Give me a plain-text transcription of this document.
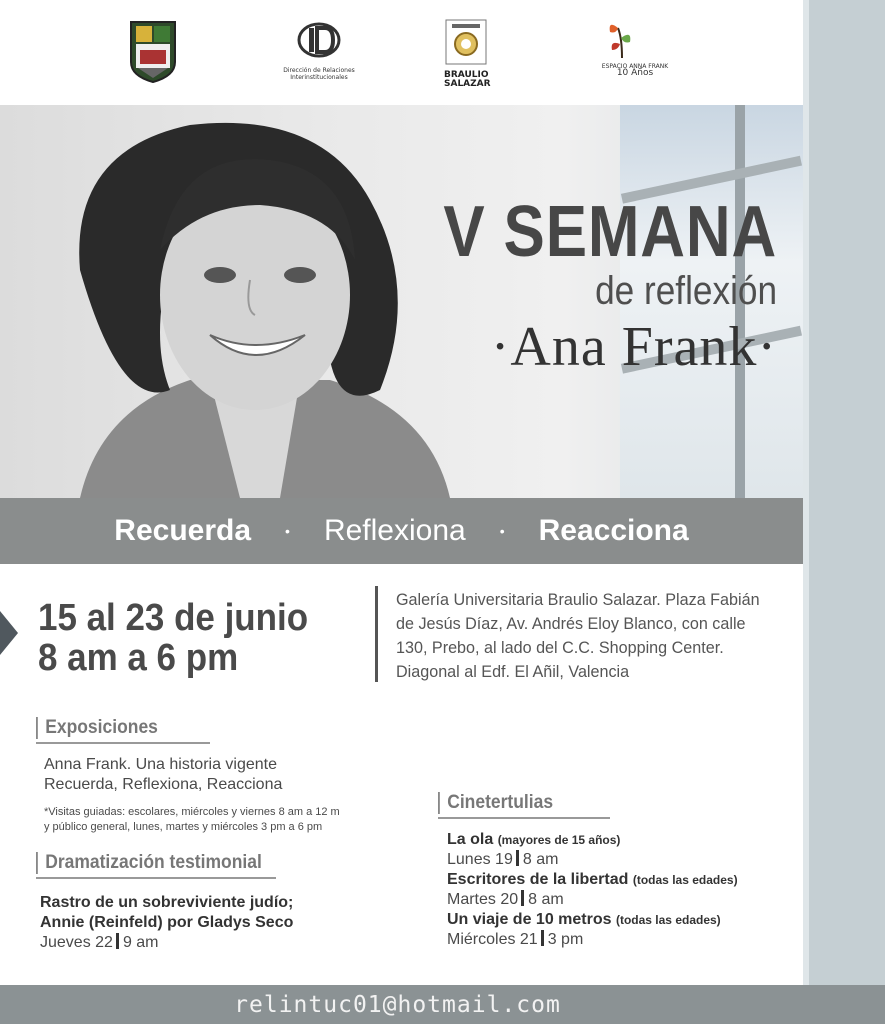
Dirección de Relaciones Interinstitucionales	BRAULIO SALAZAR
ESPACIO ANNA FRANK
10 Años
V SEMANA
de reflexión
·Ana Frank·
Recuerda • Reflexiona • Reacciona
15 al 23 de junio
8 am a 6 pm
Galería Universitaria Braulio Salazar. Plaza Fabián
de Jesús Díaz, Av. Andrés Eloy Blanco, con calle
130, Prebo, al lado del C.C. Shopping Center.
Diagonal al Edf. El Añil, Valencia
Exposiciones
Anna Frank. Una historia vigente
Recuerda, Reflexiona, Reacciona
*Visitas guiadas: escolares, miércoles y viernes 8 am a 12 m
y público general, lunes, martes y miércoles 3 pm a 6 pm
Dramatización testimonial
Rastro de un sobreviviente judío;
Annie (Reinfeld) por Gladys Seco
Jueves 22 9 am
Cinetertulias
La ola (mayores de 15 años)
Lunes 19 8 am
Escritores de la libertad (todas las edades)
Martes 20 8 am
Un viaje de 10 metros (todas las edades)
Miércoles 21 3 pm
relintuc01@hotmail.com
